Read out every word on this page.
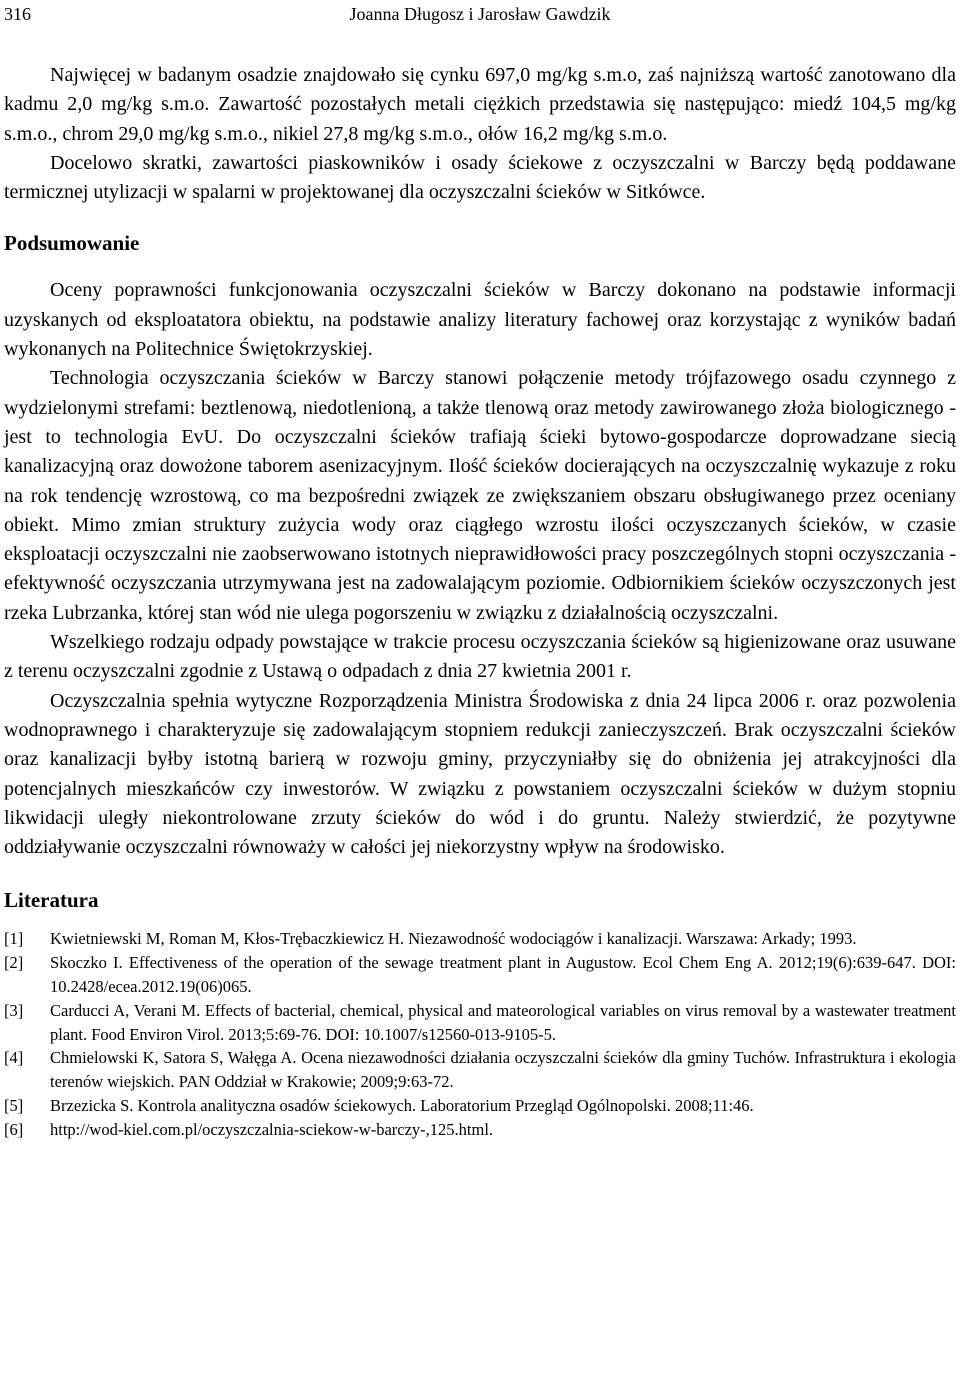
316	Joanna Długosz i Jarosław Gawdzik

Najwięcej w badanym osadzie znajdowało się cynku 697,0 mg/kg s.m.o, zaś najniższą wartość zanotowano dla kadmu 2,0 mg/kg s.m.o. Zawartość pozostałych metali ciężkich przedstawia się następująco: miedź 104,5 mg/kg s.m.o., chrom 29,0 mg/kg s.m.o., nikiel 27,8 mg/kg s.m.o., ołów 16,2 mg/kg s.m.o.

Docelowo skratki, zawartości piaskowników i osady ściekowe z oczyszczalni w Barczy będą poddawane termicznej utylizacji w spalarni w projektowanej dla oczyszczalni ścieków w Sitkówce.

Podsumowanie

Oceny poprawności funkcjonowania oczyszczalni ścieków w Barczy dokonano na podstawie informacji uzyskanych od eksploatatora obiektu, na podstawie analizy literatury fachowej oraz korzystając z wyników badań wykonanych na Politechnice Świętokrzyskiej.

Technologia oczyszczania ścieków w Barczy stanowi połączenie metody trójfazowego osadu czynnego z wydzielonymi strefami: beztlenową, niedotlenioną, a także tlenową oraz metody zawirowanego złoża biologicznego - jest to technologia EvU. Do oczyszczalni ścieków trafiają ścieki bytowo-gospodarcze doprowadzane siecią kanalizacyjną oraz dowożone taborem asenizacyjnym. Ilość ścieków docierających na oczyszczalnię wykazuje z roku na rok tendencję wzrostową, co ma bezpośredni związek ze zwiększaniem obszaru obsługiwanego przez oceniany obiekt. Mimo zmian struktury zużycia wody oraz ciągłego wzrostu ilości oczyszczanych ścieków, w czasie eksploatacji oczyszczalni nie zaobserwowano istotnych nieprawidłowości pracy poszczególnych stopni oczyszczania - efektywność oczyszczania utrzymywana jest na zadowalającym poziomie. Odbiornikiem ścieków oczyszczonych jest rzeka Lubrzanka, której stan wód nie ulega pogorszeniu w związku z działalnością oczyszczalni.

Wszelkiego rodzaju odpady powstające w trakcie procesu oczyszczania ścieków są higienizowane oraz usuwane z terenu oczyszczalni zgodnie z Ustawą o odpadach z dnia 27 kwietnia 2001 r.

Oczyszczalnia spełnia wytyczne Rozporządzenia Ministra Środowiska z dnia 24 lipca 2006 r. oraz pozwolenia wodnoprawnego i charakteryzuje się zadowalającym stopniem redukcji zanieczyszczeń. Brak oczyszczalni ścieków oraz kanalizacji byłby istotną barierą w rozwoju gminy, przyczyniałby się do obniżenia jej atrakcyjności dla potencjalnych mieszkańców czy inwestorów. W związku z powstaniem oczyszczalni ścieków w dużym stopniu likwidacji uległy niekontrolowane zrzuty ścieków do wód i do gruntu. Należy stwierdzić, że pozytywne oddziaływanie oczyszczalni równoważy w całości jej niekorzystny wpływ na środowisko.

Literatura
[1] Kwietniewski M, Roman M, Kłos-Trębaczkiewicz H. Niezawodność wodociągów i kanalizacji. Warszawa: Arkady; 1993.
[2] Skoczko I. Effectiveness of the operation of the sewage treatment plant in Augustow. Ecol Chem Eng A. 2012;19(6):639-647. DOI: 10.2428/ecea.2012.19(06)065.
[3] Carducci A, Verani M. Effects of bacterial, chemical, physical and mateorological variables on virus removal by a wastewater treatment plant. Food Environ Virol. 2013;5:69-76. DOI: 10.1007/s12560-013-9105-5.
[4] Chmielowski K, Satora S, Wałęga A. Ocena niezawodności działania oczyszczalni ścieków dla gminy Tuchów. Infrastruktura i ekologia terenów wiejskich. PAN Oddział w Krakowie; 2009;9:63-72.
[5] Brzezicka S. Kontrola analityczna osadów ściekowych. Laboratorium Przegląd Ogólnopolski. 2008;11:46.
[6] http://wod-kiel.com.pl/oczyszczalnia-sciekow-w-barczy-,125.html.
